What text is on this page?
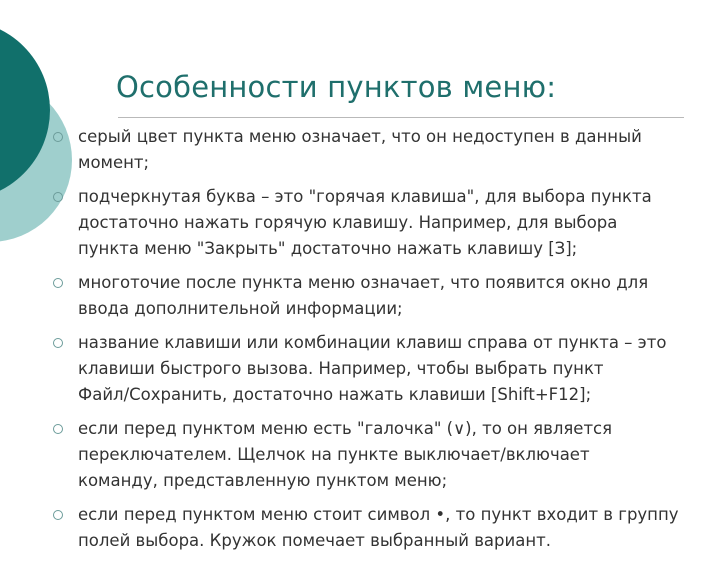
Особенности пунктов меню:
серый цвет пункта меню означает, что он недоступен в данный
момент;
подчеркнутая буква – это "горячая клавиша", для выбора пункта
достаточно нажать горячую клавишу. Например, для выбора
пункта меню "Закрыть" достаточно нажать клавишу [З];
многоточие после пункта меню означает, что появится окно для
ввода дополнительной информации;
название клавиши или комбинации клавиш справа от пункта – это
клавиши быстрого вызова. Например, чтобы выбрать пункт
Файл/Сохранить, достаточно нажать клавиши [Shift+F12];
если перед пунктом меню есть "галочка" (∨), то он является
переключателем. Щелчок на пункте выключает/включает
команду, представленную пунктом меню;
если перед пунктом меню стоит символ •, то пункт входит в группу
полей выбора. Кружок помечает выбранный вариант.
